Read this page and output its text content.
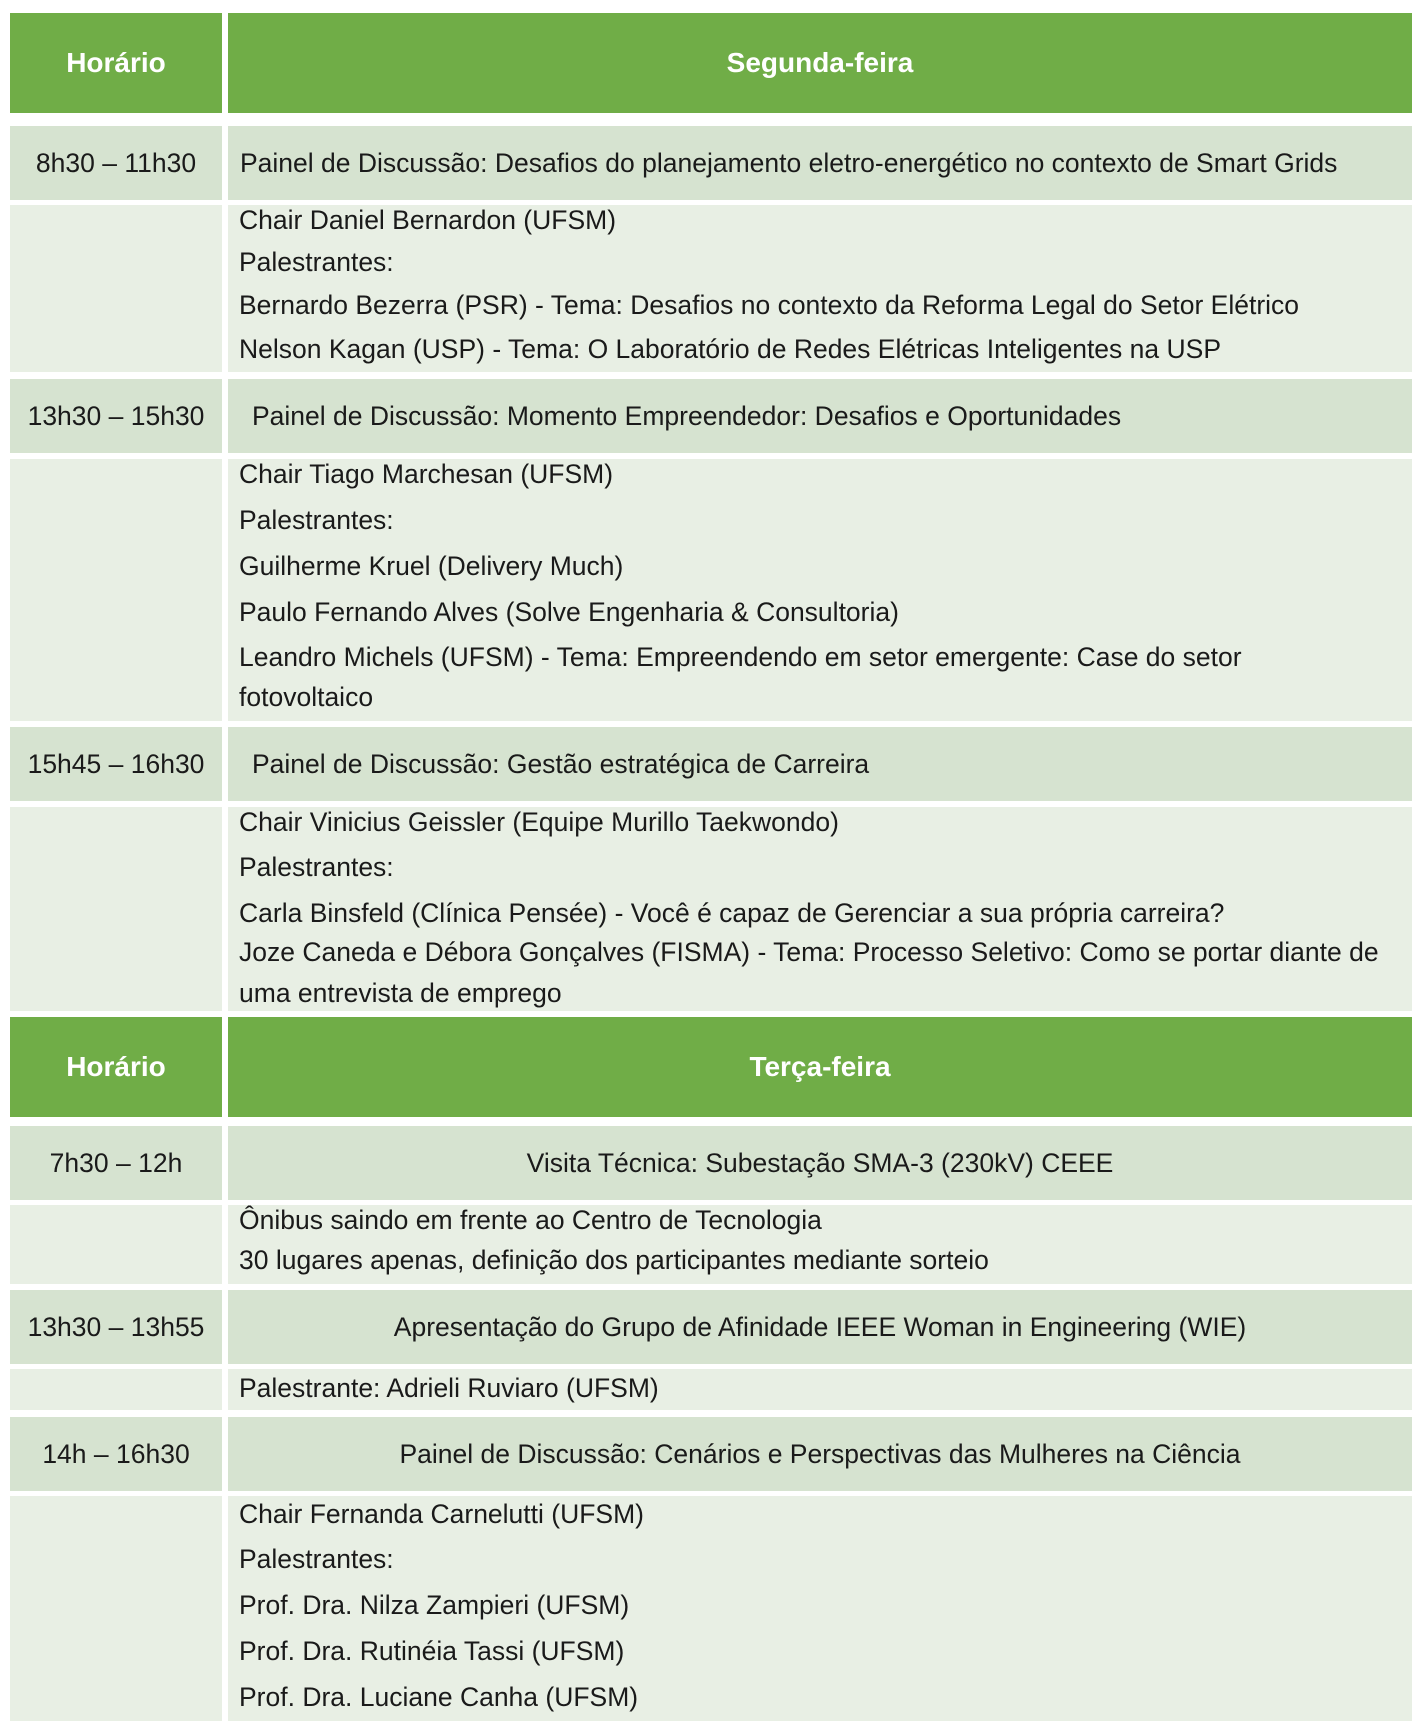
Horário	Segunda-feira
8h30 – 11h30	Painel de Discussão: Desafios do planejamento eletro-energético no contexto de Smart Grids
Chair Daniel Bernardon (UFSM)
Palestrantes:
Bernardo Bezerra (PSR) - Tema: Desafios no contexto da Reforma Legal do Setor Elétrico
Nelson Kagan (USP) - Tema: O Laboratório de Redes Elétricas Inteligentes na USP
13h30 – 15h30	Painel de Discussão: Momento Empreendedor: Desafios e Oportunidades
Chair Tiago Marchesan (UFSM)
Palestrantes:
Guilherme Kruel (Delivery Much)
Paulo Fernando Alves (Solve Engenharia & Consultoria)
Leandro Michels (UFSM) - Tema: Empreendendo em setor emergente: Case do setor
fotovoltaico
15h45 – 16h30	Painel de Discussão: Gestão estratégica de Carreira
Chair Vinicius Geissler (Equipe Murillo Taekwondo)
Palestrantes:
Carla Binsfeld (Clínica Pensée) - Você é capaz de Gerenciar a sua própria carreira?
Joze Caneda e Débora Gonçalves (FISMA) - Tema: Processo Seletivo: Como se portar diante de
uma entrevista de emprego
Horário	Terça-feira
7h30 – 12h	Visita Técnica: Subestação SMA-3 (230kV) CEEE
Ônibus saindo em frente ao Centro de Tecnologia
30 lugares apenas, definição dos participantes mediante sorteio
13h30 – 13h55	Apresentação do Grupo de Afinidade IEEE Woman in Engineering (WIE)
Palestrante: Adrieli Ruviaro (UFSM)
14h – 16h30	Painel de Discussão: Cenários e Perspectivas das Mulheres na Ciência
Chair Fernanda Carnelutti (UFSM)
Palestrantes:
Prof. Dra. Nilza Zampieri (UFSM)
Prof. Dra. Rutinéia Tassi (UFSM)
Prof. Dra. Luciane Canha (UFSM)
